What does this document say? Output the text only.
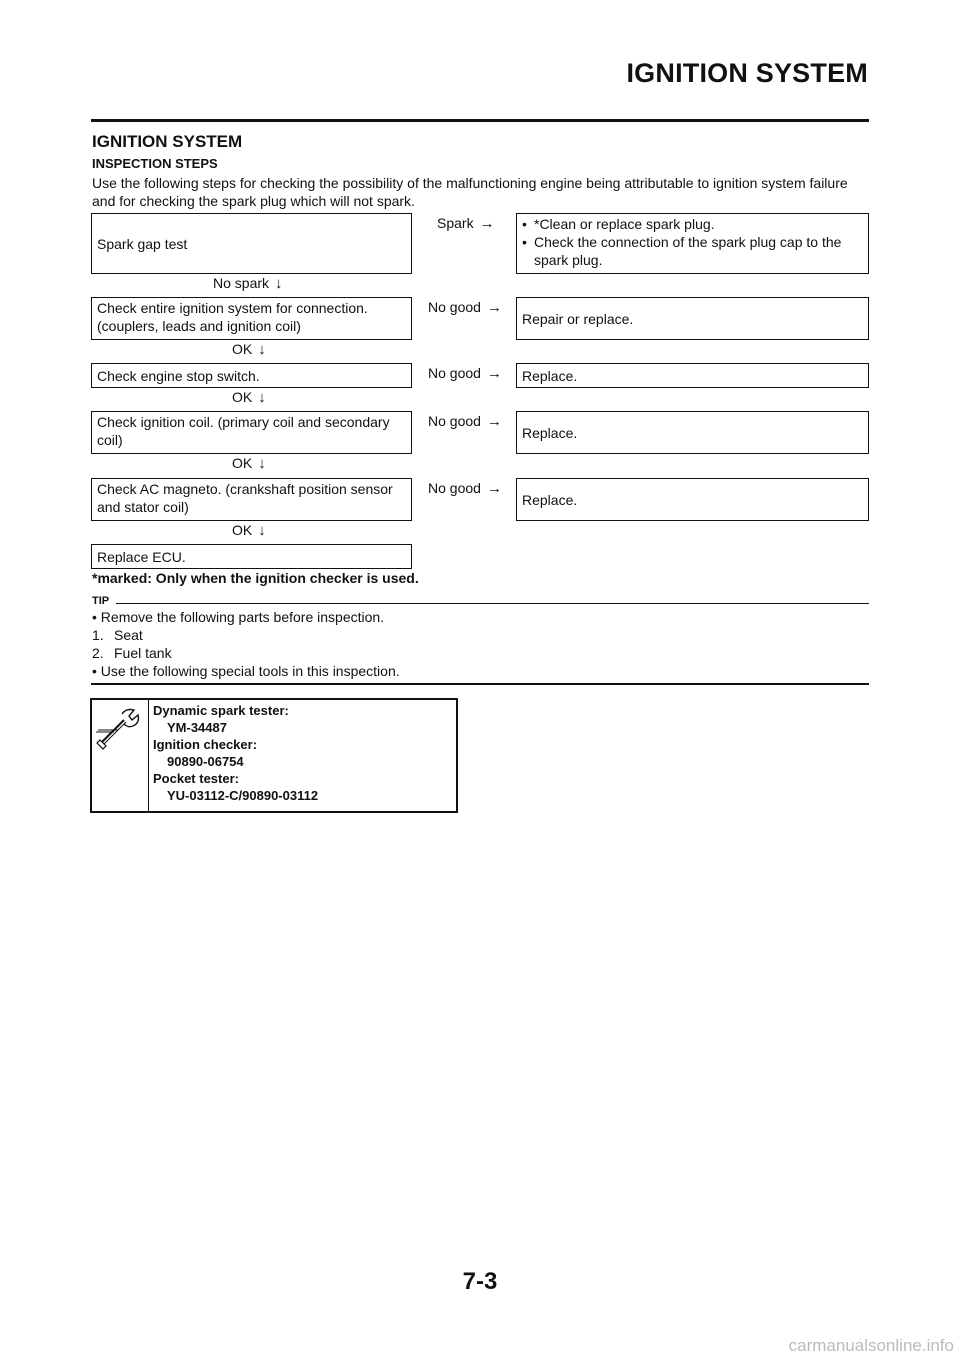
IGNITION SYSTEM
IGNITION SYSTEM
INSPECTION STEPS
Use the following steps for checking the possibility of the malfunctioning engine being attributable to ignition system failure and for checking the spark plug which will not spark.
Spark gap test
Spark →
•	*Clean or replace spark plug.
• Check the connection of the spark plug cap to the spark plug.
No spark ↓
Check entire ignition system for connection. (couplers, leads and ignition coil)
No good →
Repair or replace.
OK ↓
Check engine stop switch.	No good → Replace.
OK ↓
Check ignition coil. (primary coil and secondary coil)
No good →
Replace.
OK ↓
Check AC magneto. (crankshaft position sensor and stator coil)
No good →
Replace.
OK ↓
Replace ECU.
*marked: Only when the ignition checker is used.
TIP
• Remove the following parts before inspection.
1. Seat
2. Fuel tank
• Use the following special tools in this inspection.
Dynamic spark tester:
YM-34487
Ignition checker:
90890-06754
Pocket tester:
YU-03112-C/90890-03112
7-3
carmanualsonline.info
